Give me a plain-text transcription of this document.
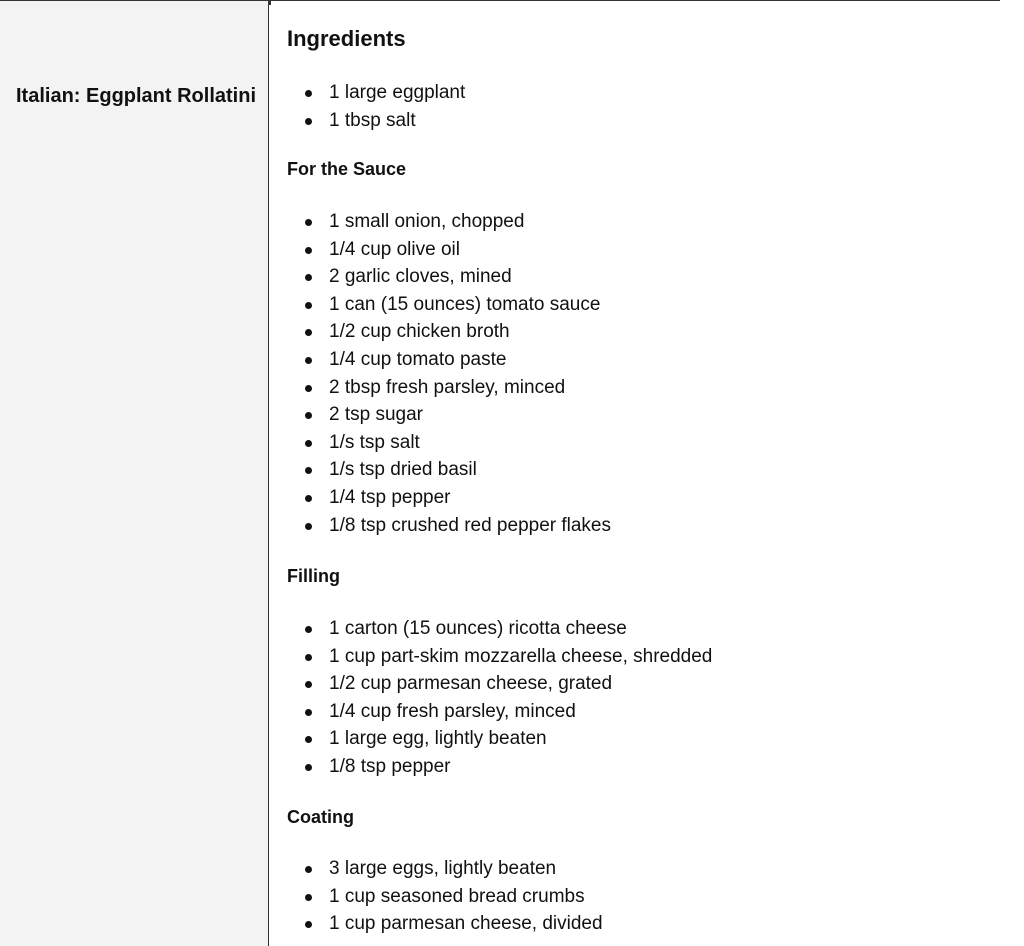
Italian: Eggplant Rollatini
Ingredients
1 large eggplant
1 tbsp salt
For the Sauce
1 small onion, chopped
1/4 cup olive oil
2 garlic cloves, mined
1 can (15 ounces) tomato sauce
1/2 cup chicken broth
1/4 cup tomato paste
2 tbsp fresh parsley, minced
2 tsp sugar
1/s tsp salt
1/s tsp dried basil
1/4 tsp pepper
1/8 tsp crushed red pepper flakes
Filling
1 carton (15 ounces) ricotta cheese
1 cup part-skim mozzarella cheese, shredded
1/2 cup parmesan cheese, grated
1/4 cup fresh parsley, minced
1 large egg, lightly beaten
1/8 tsp pepper
Coating
3 large eggs, lightly beaten
1 cup seasoned bread crumbs
1 cup parmesan cheese, divided
